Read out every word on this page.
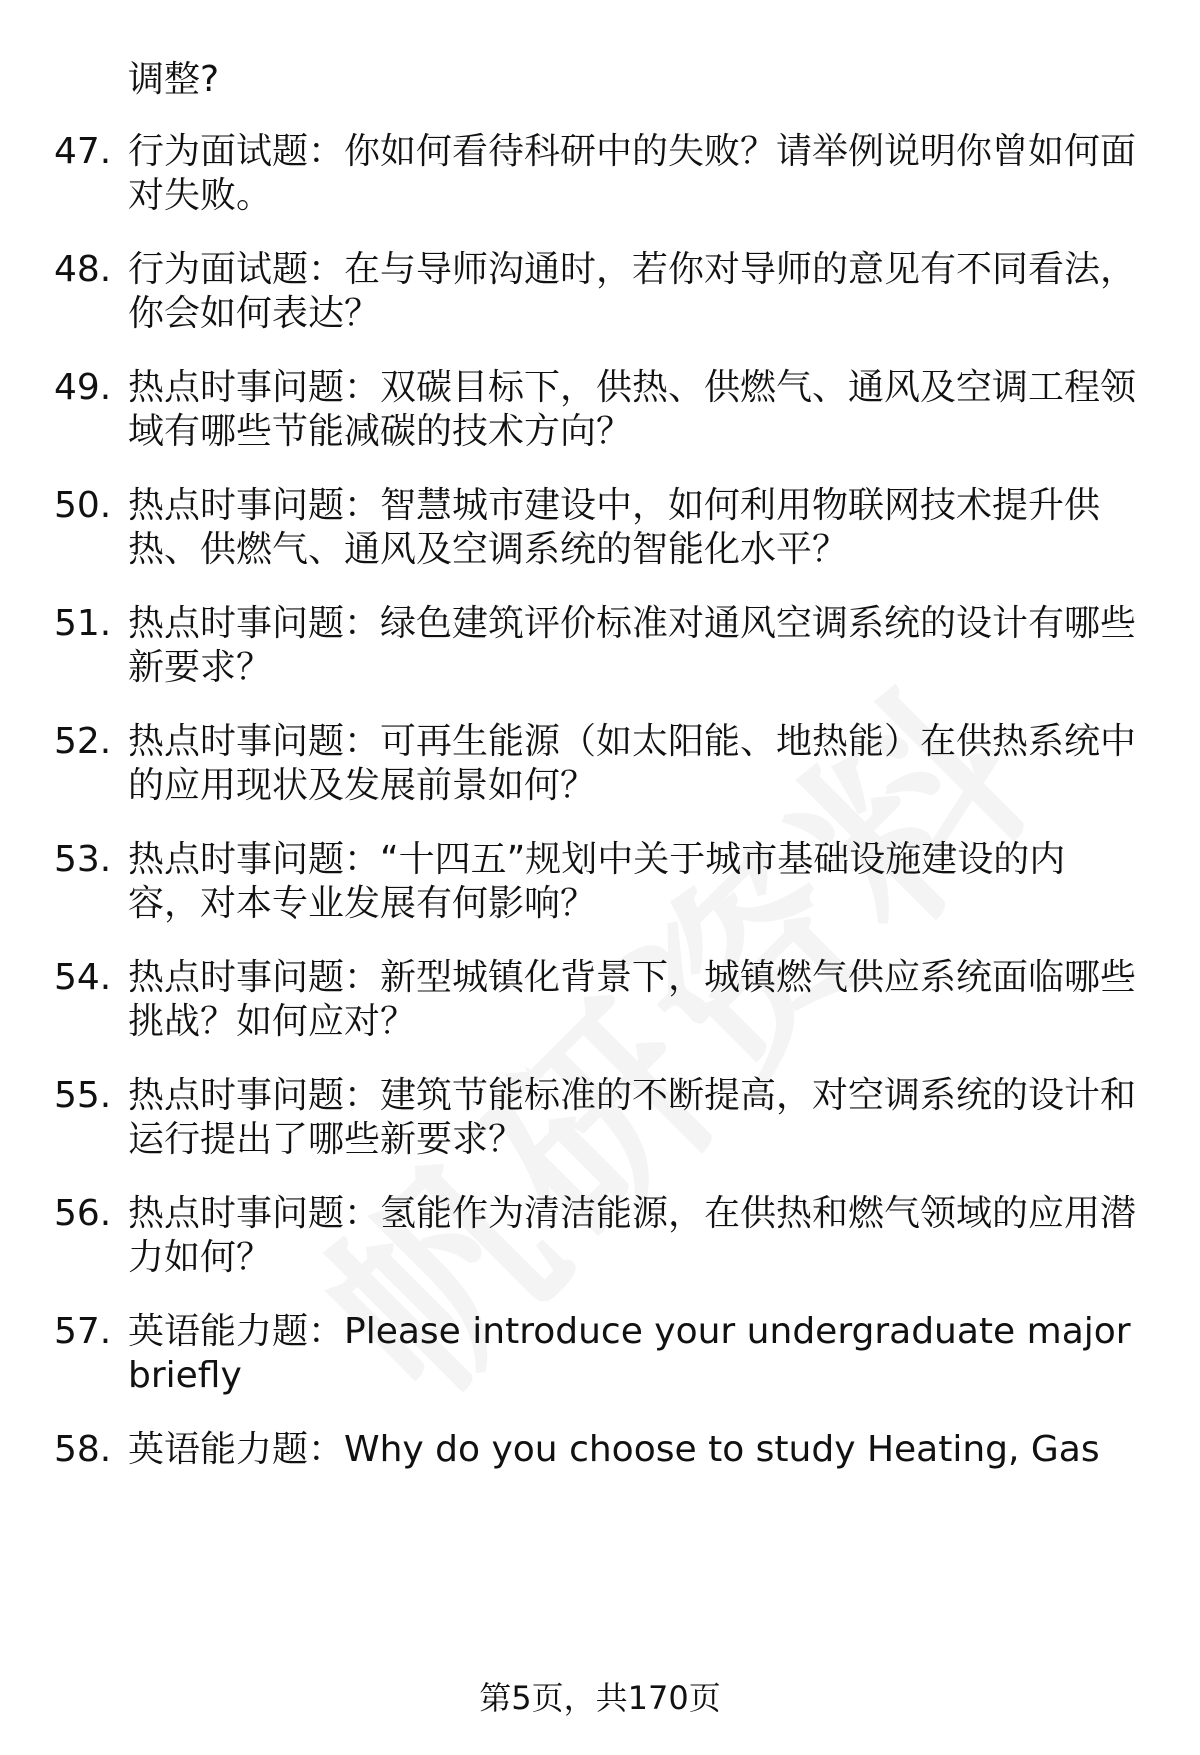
调整?
47. 行为面试题：你如何看待科研中的失败？请举例说明你曾如何面
对失败。
48. 行为面试题：在与导师沟通时，若你对导师的意见有不同看法，
你会如何表达？
49. 热点时事问题：双碳目标下，供热、供燃气、通风及空调工程领
域有哪些节能减碳的技术方向？
50. 热点时事问题：智慧城市建设中，如何利用物联网技术提升供
热、供燃气、通风及空调系统的智能化水平？
51. 热点时事问题：绿色建筑评价标准对通风空调系统的设计有哪些
新要求？
52. 热点时事问题：可再生能源（如太阳能、地热能）在供热系统中
的应用现状及发展前景如何？
53. 热点时事问题：“十四五”规划中关于城市基础设施建设的内
容，对本专业发展有何影响？
54. 热点时事问题：新型城镇化背景下，城镇燃气供应系统面临哪些
挑战？如何应对？
55. 热点时事问题：建筑节能标准的不断提高，对空调系统的设计和
运行提出了哪些新要求？
56. 热点时事问题：氢能作为清洁能源，在供热和燃气领域的应用潜
力如何？
57. 英语能力题：Please introduce your undergraduate major
briefly
58. 英语能力题：Why do you choose to study Heating, Gas
第5页，共170页
